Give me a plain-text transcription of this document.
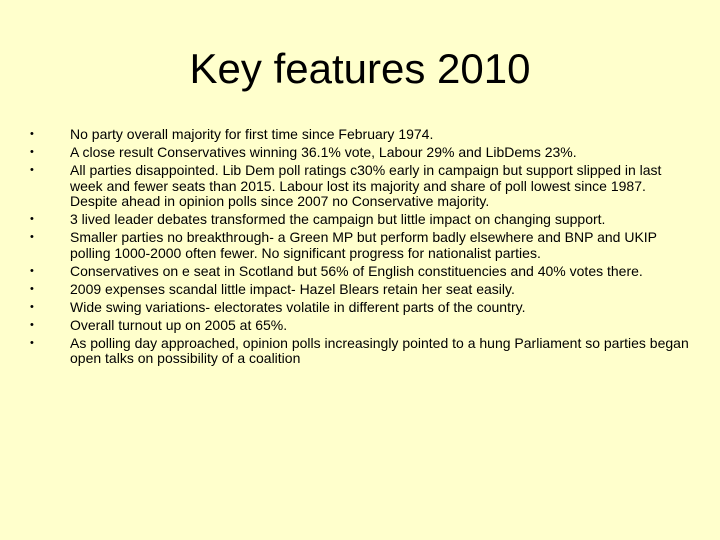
Key features 2010
•	No party overall majority for first time since February 1974.
•	A close result Conservatives winning 36.1% vote, Labour 29% and LibDems 23%.
•	All parties disappointed. Lib Dem poll ratings c30% early in campaign but support slipped in last week and fewer seats than 2015. Labour lost its majority and share of poll lowest since 1987. Despite ahead in opinion polls since 2007 no Conservative majority.
•	3 lived leader debates transformed the campaign but little impact on changing support.
•	Smaller parties no breakthrough- a Green MP but perform badly elsewhere and BNP and UKIP polling 1000-2000 often fewer. No significant progress for nationalist parties.
•	Conservatives on e seat in Scotland but 56% of English constituencies and 40% votes there.
•	2009 expenses scandal little impact- Hazel Blears retain her seat easily.
•	Wide swing variations- electorates volatile in different parts of the country.
•	Overall turnout up on 2005 at 65%.
•	As polling day approached, opinion polls increasingly pointed to a hung Parliament so parties began open talks on possibility of a coalition
